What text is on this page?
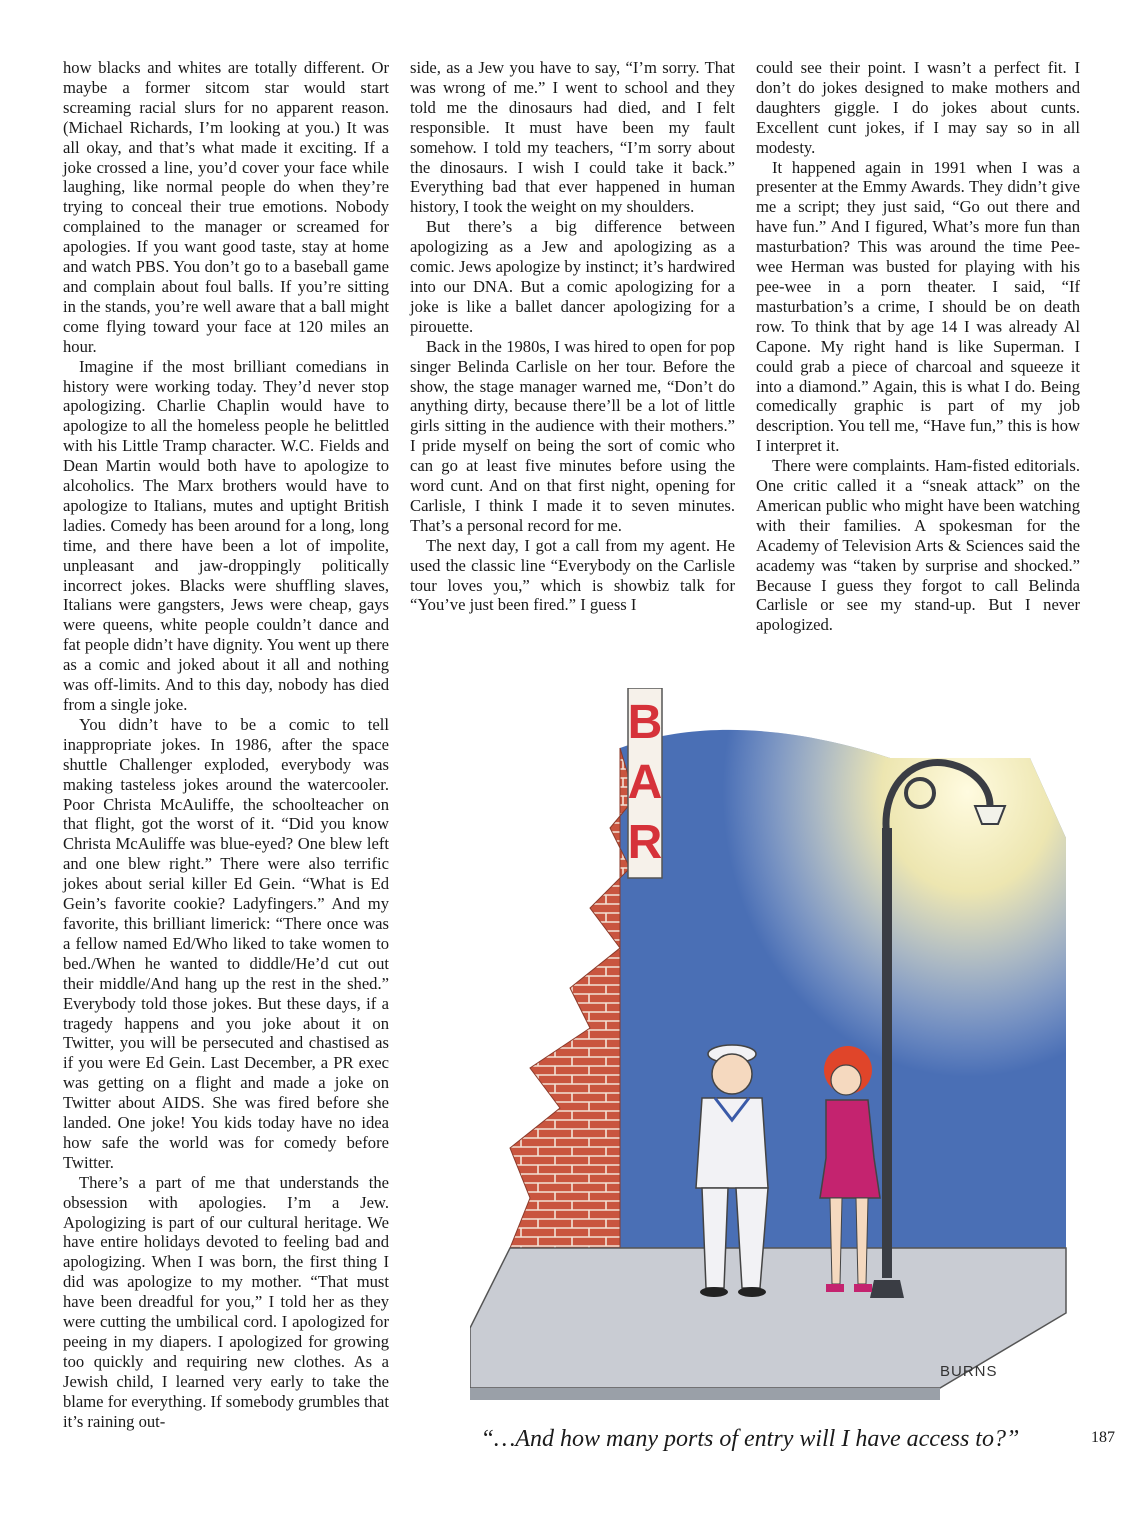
how blacks and whites are totally different. Or maybe a former sitcom star would start screaming racial slurs for no apparent reason. (Michael Richards, I’m looking at you.) It was all okay, and that’s what made it exciting. If a joke crossed a line, you’d cover your face while laughing, like normal people do when they’re trying to conceal their true emotions. Nobody complained to the manager or screamed for apologies. If you want good taste, stay at home and watch PBS. You don’t go to a baseball game and complain about foul balls. If you’re sitting in the stands, you’re well aware that a ball might come flying toward your face at 120 miles an hour.

Imagine if the most brilliant comedians in history were working today. They’d never stop apologizing. Charlie Chaplin would have to apologize to all the homeless people he belittled with his Little Tramp character. W.C. Fields and Dean Martin would both have to apologize to alcoholics. The Marx brothers would have to apologize to Italians, mutes and uptight British ladies. Comedy has been around for a long, long time, and there have been a lot of impolite, unpleasant and jaw-droppingly politically incorrect jokes. Blacks were shuffling slaves, Italians were gangsters, Jews were cheap, gays were queens, white people couldn’t dance and fat people didn’t have dignity. You went up there as a comic and joked about it all and nothing was off-limits. And to this day, nobody has died from a single joke.

You didn’t have to be a comic to tell inappropriate jokes. In 1986, after the space shuttle Challenger exploded, everybody was making tasteless jokes around the watercooler. Poor Christa McAuliffe, the schoolteacher on that flight, got the worst of it. “Did you know Christa McAuliffe was blue-eyed? One blew left and one blew right.” There were also terrific jokes about serial killer Ed Gein. “What is Ed Gein’s favorite cookie? Ladyfingers.” And my favorite, this brilliant limerick: “There once was a fellow named Ed/Who liked to take women to bed./When he wanted to diddle/He’d cut out their middle/And hang up the rest in the shed.” Everybody told those jokes. But these days, if a tragedy happens and you joke about it on Twitter, you will be persecuted and chastised as if you were Ed Gein. Last December, a PR exec was getting on a flight and made a joke on Twitter about AIDS. She was fired before she landed. One joke! You kids today have no idea how safe the world was for comedy before Twitter.

There’s a part of me that understands the obsession with apologies. I’m a Jew. Apologizing is part of our cultural heritage. We have entire holidays devoted to feeling bad and apologizing. When I was born, the first thing I did was apologize to my mother. “That must have been dreadful for you,” I told her as they were cutting the umbilical cord. I apologized for peeing in my diapers. I apologized for growing too quickly and requiring new clothes. As a Jewish child, I learned very early to take the blame for everything. If somebody grumbles that it’s raining out-

side, as a Jew you have to say, “I’m sorry. That was wrong of me.” I went to school and they told me the dinosaurs had died, and I felt responsible. It must have been my fault somehow. I told my teachers, “I’m sorry about the dinosaurs. I wish I could take it back.” Everything bad that ever happened in human history, I took the weight on my shoulders.

But there’s a big difference between apologizing as a Jew and apologizing as a comic. Jews apologize by instinct; it’s hardwired into our DNA. But a comic apologizing for a joke is like a ballet dancer apologizing for a pirouette.

Back in the 1980s, I was hired to open for pop singer Belinda Carlisle on her tour. Before the show, the stage manager warned me, “Don’t do anything dirty, because there’ll be a lot of little girls sitting in the audience with their mothers.” I pride myself on being the sort of comic who can go at least five minutes before using the word cunt. And on that first night, opening for Carlisle, I think I made it to seven minutes. That’s a personal record for me.

The next day, I got a call from my agent. He used the classic line “Everybody on the Carlisle tour loves you,” which is showbiz talk for “You’ve just been fired.” I guess I

could see their point. I wasn’t a perfect fit. I don’t do jokes designed to make mothers and daughters giggle. I do jokes about cunts. Excellent cunt jokes, if I may say so in all modesty.

It happened again in 1991 when I was a presenter at the Emmy Awards. They didn’t give me a script; they just said, “Go out there and have fun.” And I figured, What’s more fun than masturbation? This was around the time Pee-wee Herman was busted for playing with his pee-wee in a porn theater. I said, “If masturbation’s a crime, I should be on death row. To think that by age 14 I was already Al Capone. My right hand is like Superman. I could grab a piece of charcoal and squeeze it into a diamond.” Again, this is what I do. Being comedically graphic is part of my job description. You tell me, “Have fun,” this is how I interpret it.

There were complaints. Ham-fisted editorials. One critic called it a “sneak attack” on the American public who might have been watching with their families. A spokesman for the Academy of Television Arts & Sciences said the academy was “taken by surprise and shocked.” Because I guess they forgot to call Belinda Carlisle or see my stand-up. But I never apologized.

B
A
R
BURNS
“…And how many ports of entry will I have access to?”	187
